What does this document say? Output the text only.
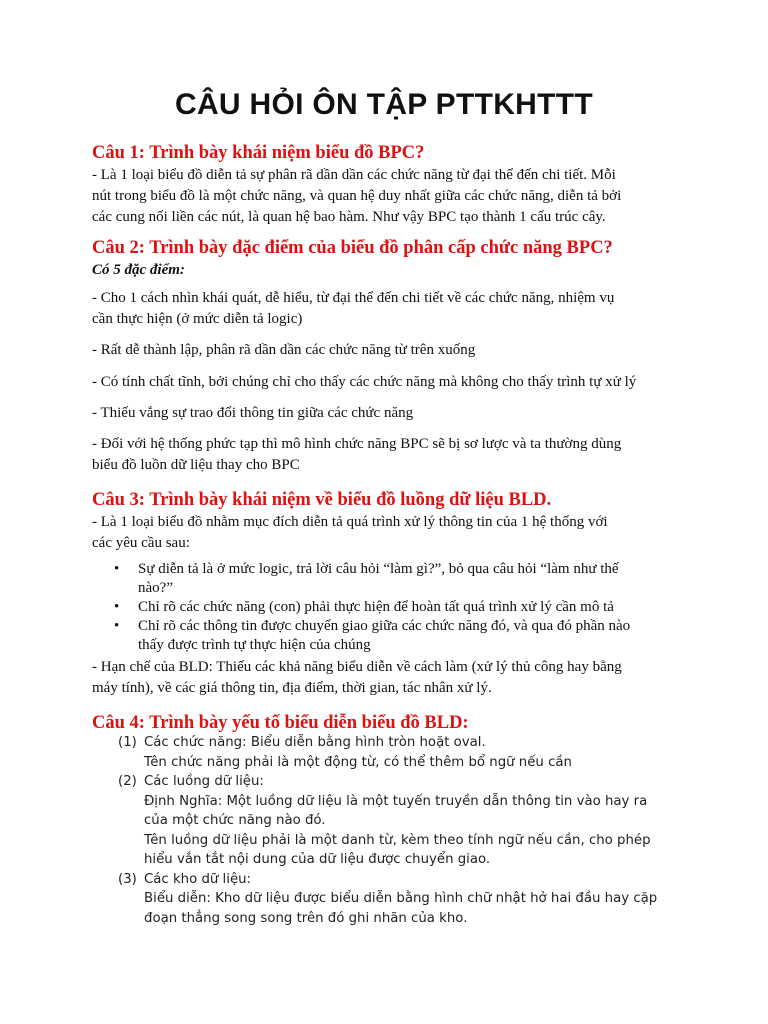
CÂU HỎI ÔN TẬP PTTKHTTT
Câu 1: Trình bày khái niệm biểu đồ BPC?
- Là 1 loại biểu đồ diễn tả sự phân rã dần dần các chức năng từ đại thể đến chi tiết. Mỗi
nút trong biểu đồ là một chức năng, và quan hệ duy nhất giữa các chức năng, diễn tả bởi
các cung nối liền các nút, là quan hệ bao hàm. Như vậy BPC tạo thành 1 cấu trúc cây.
Câu 2: Trình bày đặc điểm của biểu đồ phân cấp chức năng BPC?
Có 5 đặc điểm:
- Cho 1 cách nhìn khái quát, dễ hiểu, từ đại thể đến chi tiết về các chức năng, nhiệm vụ
cần thực hiện (ở mức diễn tả logic)
- Rất dễ thành lập, phân rã dần dần các chức năng từ trên xuống
- Có tính chất tĩnh, bởi chúng chỉ cho thấy các chức năng mà không cho thấy trình tự xử lý
- Thiếu vắng sự trao đổi thông tin giữa các chức năng
- Đối với hệ thống phức tạp thì mô hình chức năng BPC sẽ bị sơ lược và ta thường dùng
biểu đồ luồn dữ liệu thay cho BPC
Câu 3: Trình bày khái niệm về biểu đồ luồng dữ liệu BLD.
- Là 1 loại biểu đồ nhằm mục đích diễn tả quá trình xử lý thông tin của 1 hệ thống với
các yêu cầu sau:
• Sự diễn tả là ở mức logic, trả lời câu hỏi “làm gì?”, bỏ qua câu hỏi “làm như thế
nào?”
• Chỉ rõ các chức năng (con) phải thực hiện để hoàn tất quá trình xử lý cần mô tả
• Chỉ rõ các thông tin được chuyển giao giữa các chức năng đó, và qua đó phần nào
thấy được trình tự thực hiện của chúng
- Hạn chế của BLD: Thiếu các khả năng biểu diễn về cách làm (xử lý thủ công hay bằng
máy tính), về các giá thông tin, địa điểm, thời gian, tác nhân xử lý.
Câu 4: Trình bày yếu tố biểu diễn biểu đồ BLD:
(1) Các chức năng: Biểu diễn bằng hình tròn hoặt oval.
Tên chức năng phải là một động từ, có thể thêm bổ ngữ nếu cần
(2) Các luồng dữ liệu:
Định Nghĩa: Một luồng dữ liệu là một tuyến truyền dẫn thông tin vào hay ra
của một chức năng nào đó.
Tên luồng dữ liệu phải là một danh từ, kèm theo tính ngữ nếu cần, cho phép
hiểu vắn tắt nội dung của dữ liệu được chuyển giao.
(3) Các kho dữ liệu:
Biểu diễn: Kho dữ liệu được biểu diễn bằng hình chữ nhật hở hai đầu hay cặp
đoạn thẳng song song trên đó ghi nhãn của kho.
